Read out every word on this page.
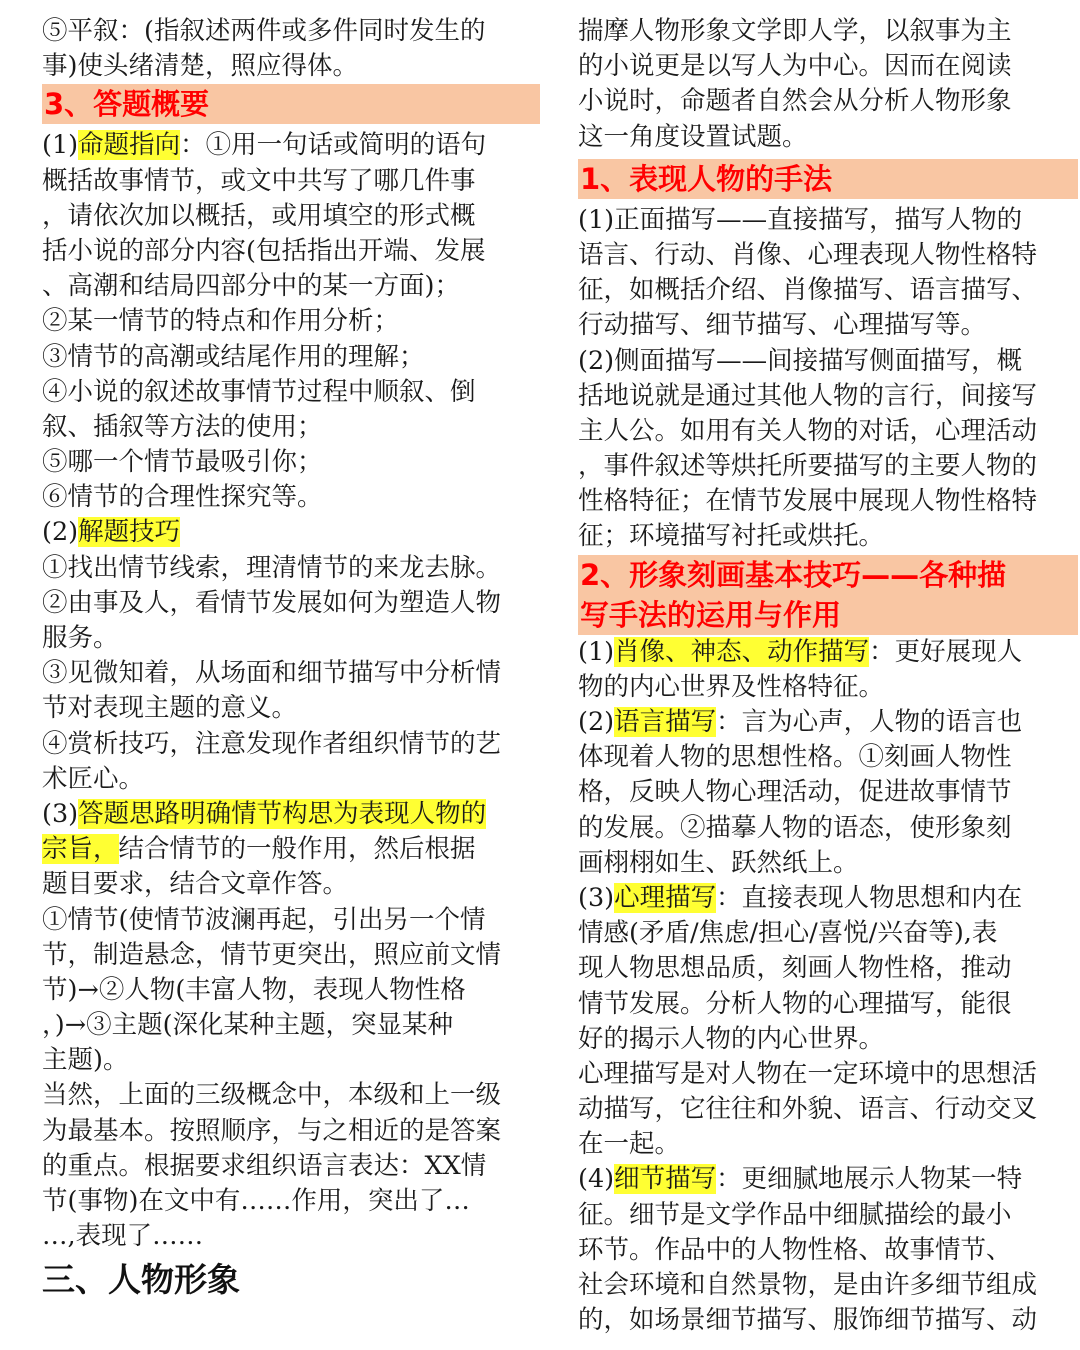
⑤平叙：(指叙述两件或多件同时发生的
事)使头绪清楚，照应得体。
3、答题概要
(1)命题指向：①用一句话或简明的语句
概括故事情节，或文中共写了哪几件事
，请依次加以概括，或用填空的形式概
括小说的部分内容(包括指出开端、发展
、高潮和结局四部分中的某一方面)；
②某一情节的特点和作用分析；
③情节的高潮或结尾作用的理解；
④小说的叙述故事情节过程中顺叙、倒
叙、插叙等方法的使用；
⑤哪一个情节最吸引你；
⑥情节的合理性探究等。
(2)解题技巧
①找出情节线索，理清情节的来龙去脉。
②由事及人，看情节发展如何为塑造人物
服务。
③见微知着，从场面和细节描写中分析情
节对表现主题的意义。
④赏析技巧，注意发现作者组织情节的艺
术匠心。
(3)答题思路明确情节构思为表现人物的
宗旨，结合情节的一般作用，然后根据
题目要求，结合文章作答。
①情节(使情节波澜再起，引出另一个情
节，制造悬念，情节更突出，照应前文情
节)→②人物(丰富人物，表现人物性格
，)→③主题(深化某种主题，突显某种
主题)。
当然，上面的三级概念中，本级和上一级
为最基本。按照顺序，与之相近的是答案
的重点。根据要求组织语言表达：XX情
节(事物)在文中有……作用，突出了…
…,表现了……
三、人物形象
揣摩人物形象文学即人学，以叙事为主
的小说更是以写人为中心。因而在阅读
小说时，命题者自然会从分析人物形象
这一角度设置试题。
1、表现人物的手法
(1)正面描写——直接描写，描写人物的
语言、行动、肖像、心理表现人物性格特
征，如概括介绍、肖像描写、语言描写、
行动描写、细节描写、心理描写等。
(2)侧面描写——间接描写侧面描写，概
括地说就是通过其他人物的言行，间接写
主人公。如用有关人物的对话，心理活动
，事件叙述等烘托所要描写的主要人物的
性格特征；在情节发展中展现人物性格特
征；环境描写衬托或烘托。
2、形象刻画基本技巧——各种描
写手法的运用与作用
(1)肖像、神态、动作描写：更好展现人
物的内心世界及性格特征。
(2)语言描写：言为心声，人物的语言也
体现着人物的思想性格。①刻画人物性
格，反映人物心理活动，促进故事情节
的发展。②描摹人物的语态，使形象刻
画栩栩如生、跃然纸上。
(3)心理描写：直接表现人物思想和内在
情感(矛盾/焦虑/担心/喜悦/兴奋等),表
现人物思想品质，刻画人物性格，推动
情节发展。分析人物的心理描写，能很
好的揭示人物的内心世界。
心理描写是对人物在一定环境中的思想活
动描写，它往往和外貌、语言、行动交叉
在一起。
(4)细节描写：更细腻地展示人物某一特
征。细节是文学作品中细腻描绘的最小
环节。作品中的人物性格、故事情节、
社会环境和自然景物，是由许多细节组成
的，如场景细节描写、服饰细节描写、动
